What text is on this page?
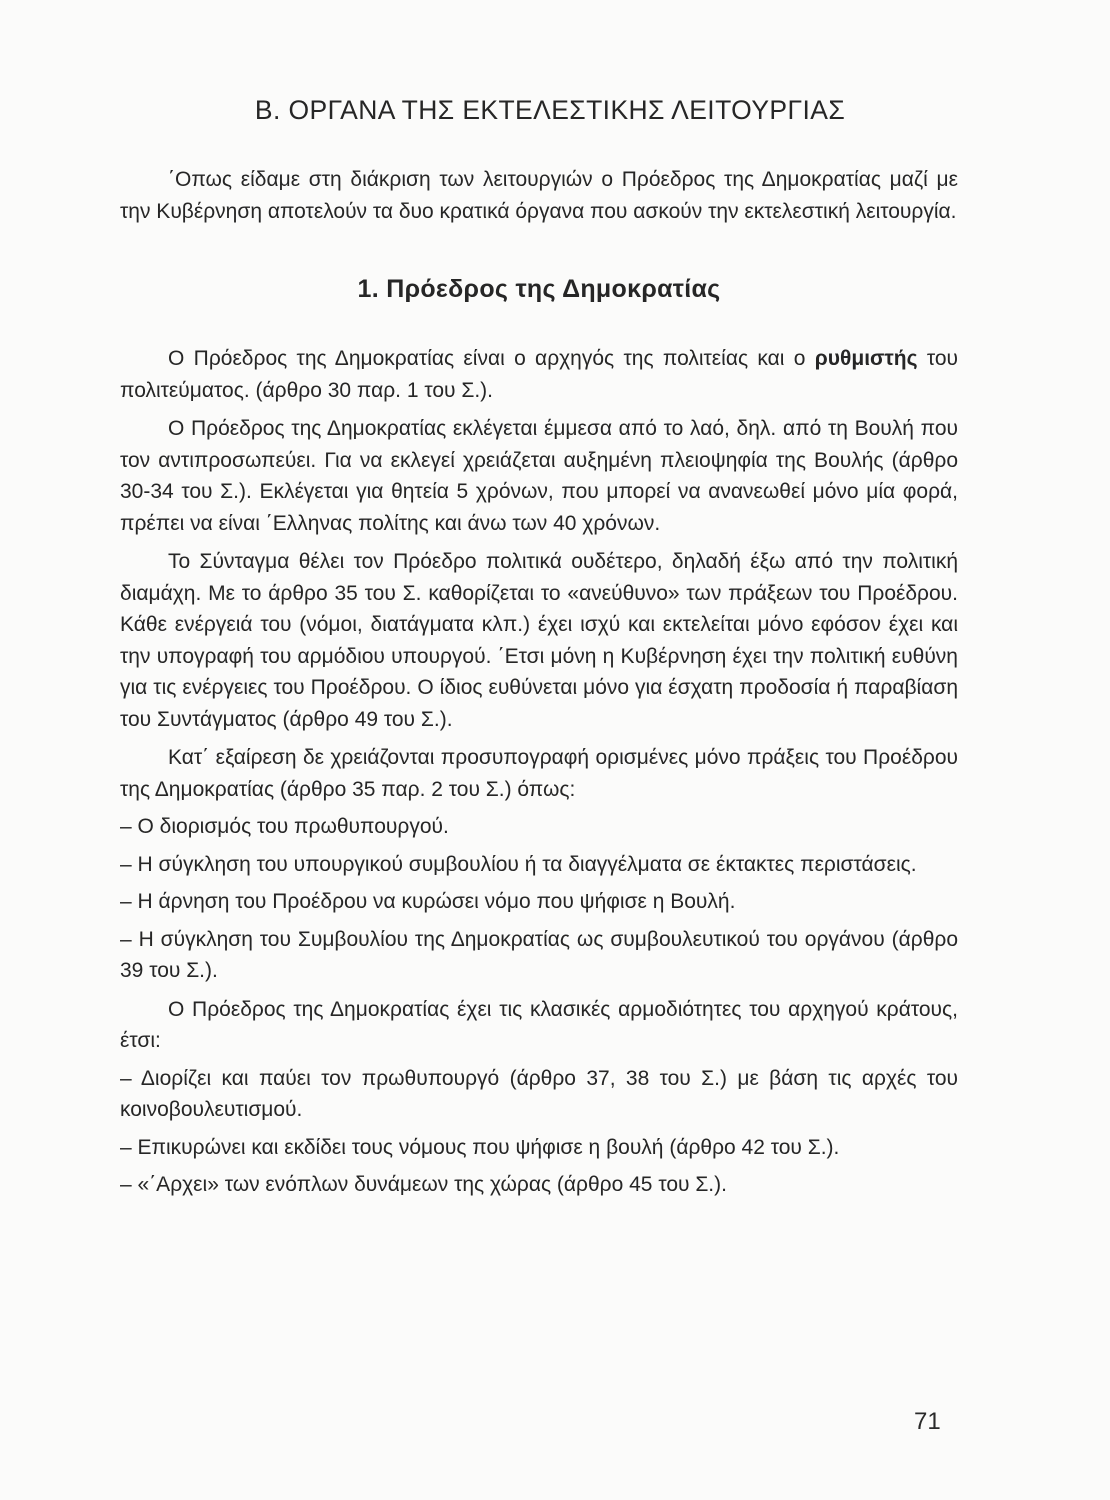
Β. ΟΡΓΑΝΑ ΤΗΣ ΕΚΤΕΛΕΣΤΙΚΗΣ ΛΕΙΤΟΥΡΓΙΑΣ

΄Οπως είδαμε στη διάκριση των λειτουργιών ο Πρόεδρος της Δημοκρατίας μαζί με την Κυβέρνηση αποτελούν τα δυο κρατικά όργανα που ασκούν την εκτελεστική λειτουργία.

1. Πρόεδρος της Δημοκρατίας

Ο Πρόεδρος της Δημοκρατίας είναι ο αρχηγός της πολιτείας και ο ρυθμιστής του πολιτεύματος. (άρθρο 30 παρ. 1 του Σ.).

Ο Πρόεδρος της Δημοκρατίας εκλέγεται έμμεσα από το λαό, δηλ. από τη Βουλή που τον αντιπροσωπεύει. Για να εκλεγεί χρειάζεται αυξημένη πλειοψηφία της Βουλής (άρθρο 30-34 του Σ.). Εκλέγεται για θητεία 5 χρόνων, που μπορεί να ανανεωθεί μόνο μία φορά, πρέπει να είναι ΄Ελληνας πολίτης και άνω των 40 χρόνων.

Το Σύνταγμα θέλει τον Πρόεδρο πολιτικά ουδέτερο, δηλαδή έξω από την πολιτική διαμάχη. Με το άρθρο 35 του Σ. καθορίζεται το «ανεύθυνο» των πράξεων του Προέδρου. Κάθε ενέργειά του (νόμοι, διατάγματα κλπ.) έχει ισχύ και εκτελείται μόνο εφόσον έχει και την υπογραφή του αρμόδιου υπουργού. ΄Ετσι μόνη η Κυβέρνηση έχει την πολιτική ευθύνη για τις ενέργειες του Προέδρου. Ο ίδιος ευθύνεται μόνο για έσχατη προδοσία ή παραβίαση του Συντάγματος (άρθρο 49 του Σ.).

Κατ΄ εξαίρεση δε χρειάζονται προσυπογραφή ορισμένες μόνο πράξεις του Προέδρου της Δημοκρατίας (άρθρο 35 παρ. 2 του Σ.) όπως:

– Ο διορισμός του πρωθυπουργού.

– Η σύγκληση του υπουργικού συμβουλίου ή τα διαγγέλματα σε έκτακτες περιστάσεις.

– Η άρνηση του Προέδρου να κυρώσει νόμο που ψήφισε η Βουλή.

– Η σύγκληση του Συμβουλίου της Δημοκρατίας ως συμβουλευτικού του οργάνου (άρθρο 39 του Σ.).

Ο Πρόεδρος της Δημοκρατίας έχει τις κλασικές αρμοδιότητες του αρχηγού κράτους, έτσι:

– Διορίζει και παύει τον πρωθυπουργό (άρθρο 37, 38 του Σ.) με βάση τις αρχές του κοινοβουλευτισμού.

– Επικυρώνει και εκδίδει τους νόμους που ψήφισε η βουλή (άρθρο 42 του Σ.).

– «΄Αρχει» των ενόπλων δυνάμεων της χώρας (άρθρο 45 του Σ.).

71
